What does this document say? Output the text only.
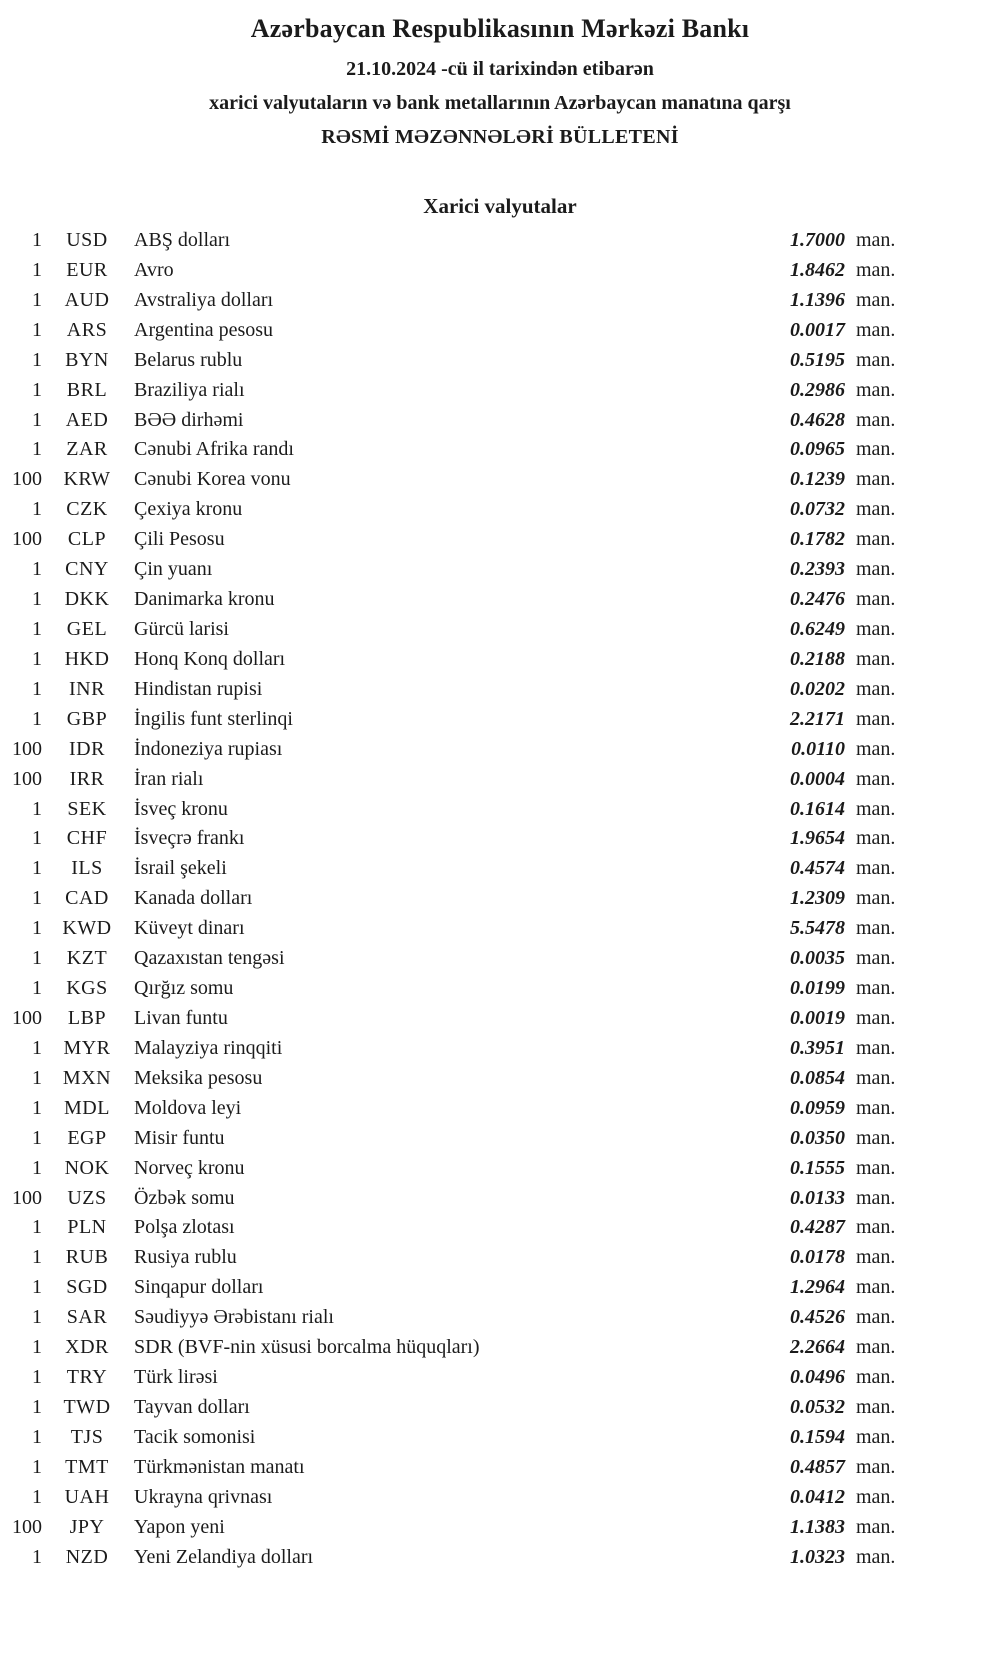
Azərbaycan Respublikasının Mərkəzi Bankı
21.10.2024 -cü il tarixindən etibarən
xarici valyutaların və bank metallarının Azərbaycan manatına qarşı
RƏSMİ MƏZƏNNƏLƏRİ BÜLLETENİ
Xarici valyutalar
1	USD	ABŞ dolları	1.7000 man.
1	EUR	Avro	1.8462 man.
1	AUD	Avstraliya dolları	1.1396 man.
1	ARS	Argentina pesosu	0.0017 man.
1	BYN	Belarus rublu	0.5195 man.
1	BRL	Braziliya rialı	0.2986 man.
1	AED	BƏƏ dirhəmi	0.4628 man.
1	ZAR	Cənubi Afrika randı	0.0965 man.
100	KRW	Cənubi Korea vonu	0.1239 man.
1	CZK	Çexiya kronu	0.0732 man.
100	CLP	Çili Pesosu	0.1782 man.
1	CNY	Çin yuanı	0.2393 man.
1	DKK	Danimarka kronu	0.2476 man.
1	GEL	Gürcü larisi	0.6249 man.
1	HKD	Honq Konq dolları	0.2188 man.
1	INR	Hindistan rupisi	0.0202 man.
1	GBP	İngilis funt sterlinqi	2.2171 man.
100	IDR	İndoneziya rupiası	0.0110 man.
100	IRR	İran rialı	0.0004 man.
1	SEK	İsveç kronu	0.1614 man.
1	CHF	İsveçrə frankı	1.9654 man.
1	ILS	İsrail şekeli	0.4574 man.
1	CAD	Kanada dolları	1.2309 man.
1	KWD	Küveyt dinarı	5.5478 man.
1	KZT	Qazaxıstan tengəsi	0.0035 man.
1	KGS	Qırğız somu	0.0199 man.
100	LBP	Livan funtu	0.0019 man.
1	MYR	Malayziya rinqqiti	0.3951 man.
1	MXN	Meksika pesosu	0.0854 man.
1	MDL	Moldova leyi	0.0959 man.
1	EGP	Misir funtu	0.0350 man.
1	NOK	Norveç kronu	0.1555 man.
100	UZS	Özbək somu	0.0133 man.
1	PLN	Polşa zlotası	0.4287 man.
1	RUB	Rusiya rublu	0.0178 man.
1	SGD	Sinqapur dolları	1.2964 man.
1	SAR	Səudiyyə Ərəbistanı rialı	0.4526 man.
1	XDR	SDR (BVF-nin xüsusi borcalma hüquqları)	2.2664 man.
1	TRY	Türk lirəsi	0.0496 man.
1	TWD	Tayvan dolları	0.0532 man.
1	TJS	Tacik somonisi	0.1594 man.
1	TMT	Türkmənistan manatı	0.4857 man.
1	UAH	Ukrayna qrivnası	0.0412 man.
100	JPY	Yapon yeni	1.1383 man.
1	NZD	Yeni Zelandiya dolları	1.0323 man.
